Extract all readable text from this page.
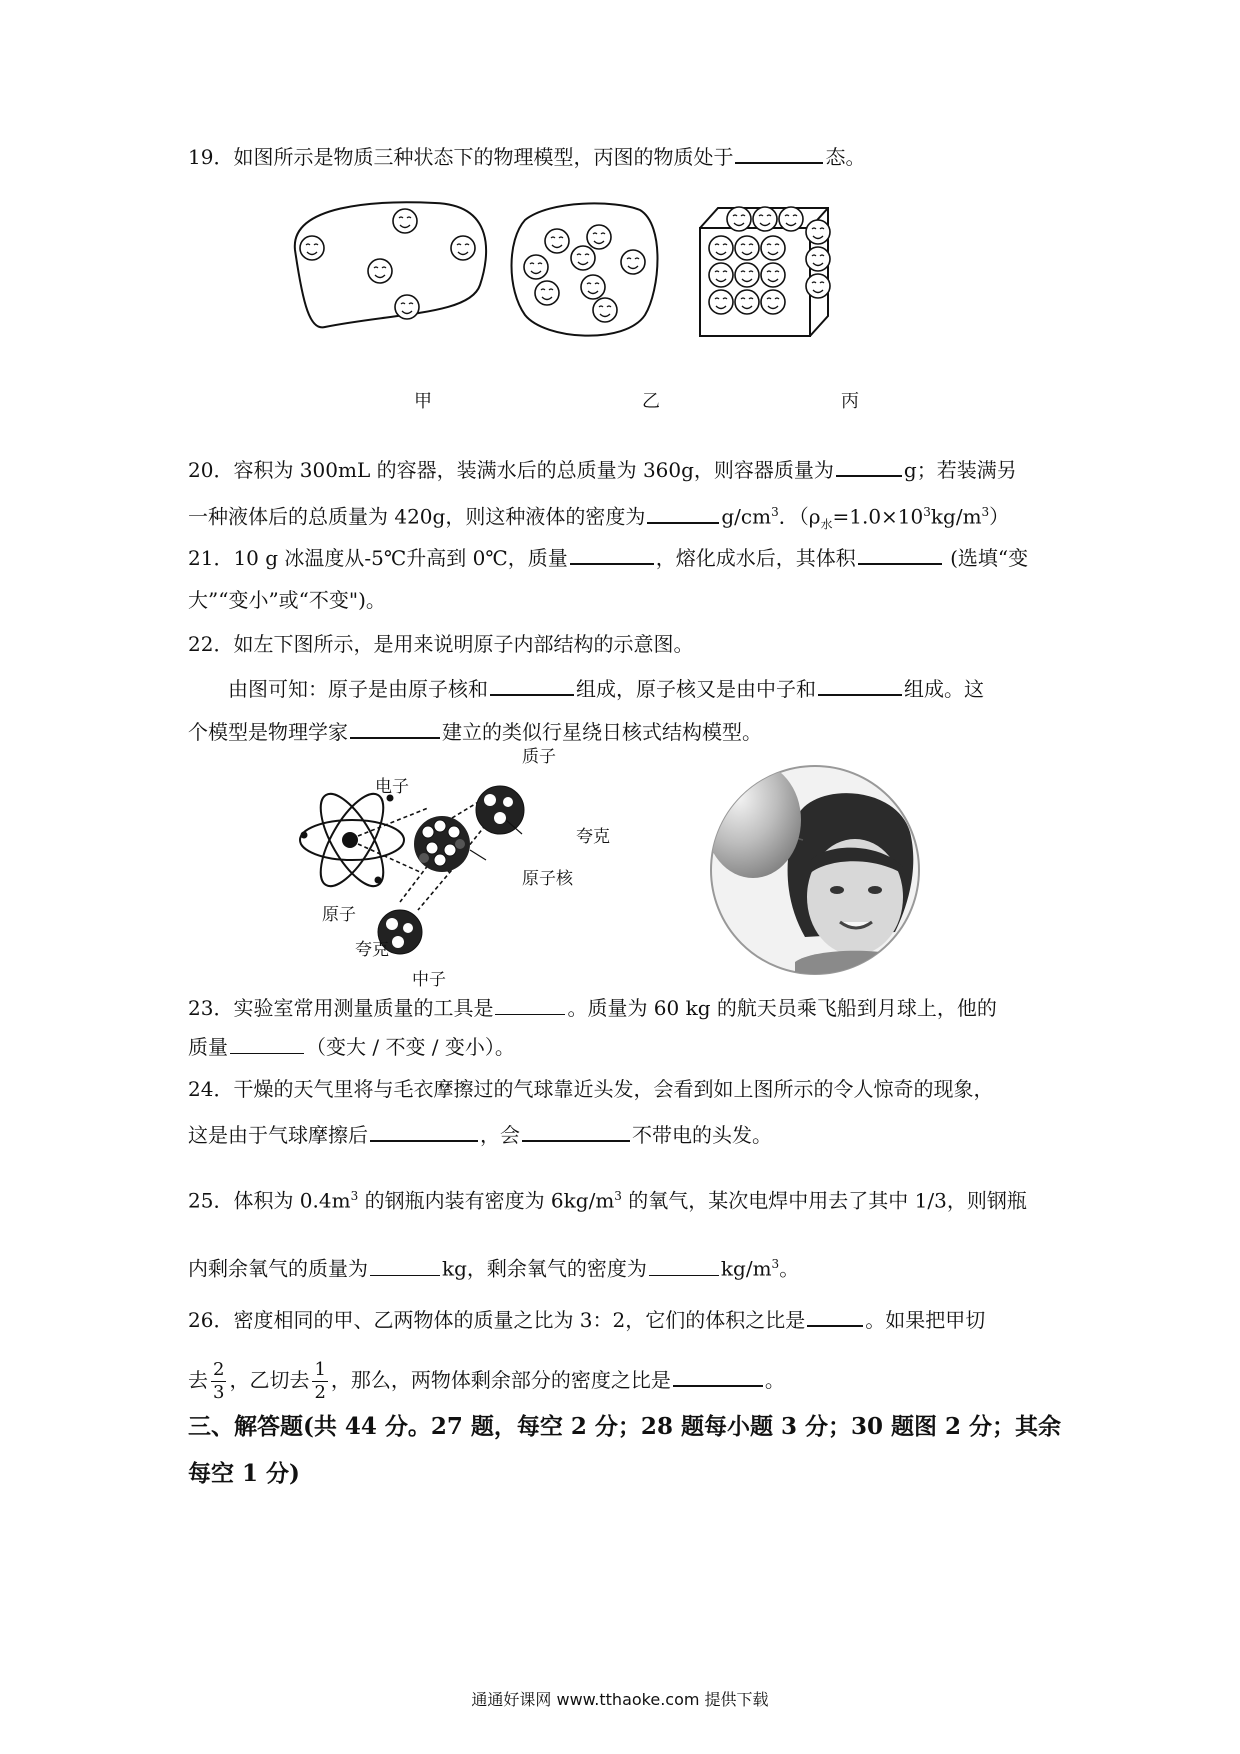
19．如图所示是物质三种状态下的物理模型，丙图的物质处于	态。
甲	乙	丙
20．容积为 300mL 的容器，装满水后的总质量为 360g，则容器质量为	g；若装满另
一种液体后的总质量为 420g，则这种液体的密度为	$g/cm^3$．$(\rho_水=1.0\times 10^3kg/m^3)$
21．10 g 冰温度从-5℃升高到 0℃，质量	，熔化成水后，其体积	(选填“变
大”“变小”或“不变")。
22．如左下图所示，是用来说明原子内部结构的示意图。
由图可知：原子是由原子核和	组成，原子核又是由中子和	组成。这
个模型是物理学家	建立的类似行星绕日核式结构模型。
电子
质子
夸克
原子核
原子
夸克
中子
23．实验室常用测量质量的工具是	。质量为 60 kg 的航天员乘飞船到月球上，他的
质量	（变大 / 不变 / 变小）。
24．干燥的天气里将与毛衣摩擦过的气球靠近头发，会看到如上图所示的令人惊奇的现象，
这是由于气球摩擦后	，会	不带电的头发。
25．体积为 $0.4m^3$ 的钢瓶内装有密度为 $6kg/m^3$ 的氧气，某次电焊中用去了其中 1/3，则钢瓶
内剩余氧气的质量为	kg，剩余氧气的密度为	$kg/m^3$。
26．密度相同的甲、乙两物体的质量之比为 3：2，它们的体积之比是	。如果把甲切
去 $\frac{2}{3}$ ，乙切去 $\frac{1}{2}$ ，那么，两物体剩余部分的密度之比是	。
三、解答题(共 44 分。27 题，每空 2 分；28 题每小题 3 分；30 题图 2 分；其余
每空 1 分)
通通好课网 www.tthaoke.com 提供下载
